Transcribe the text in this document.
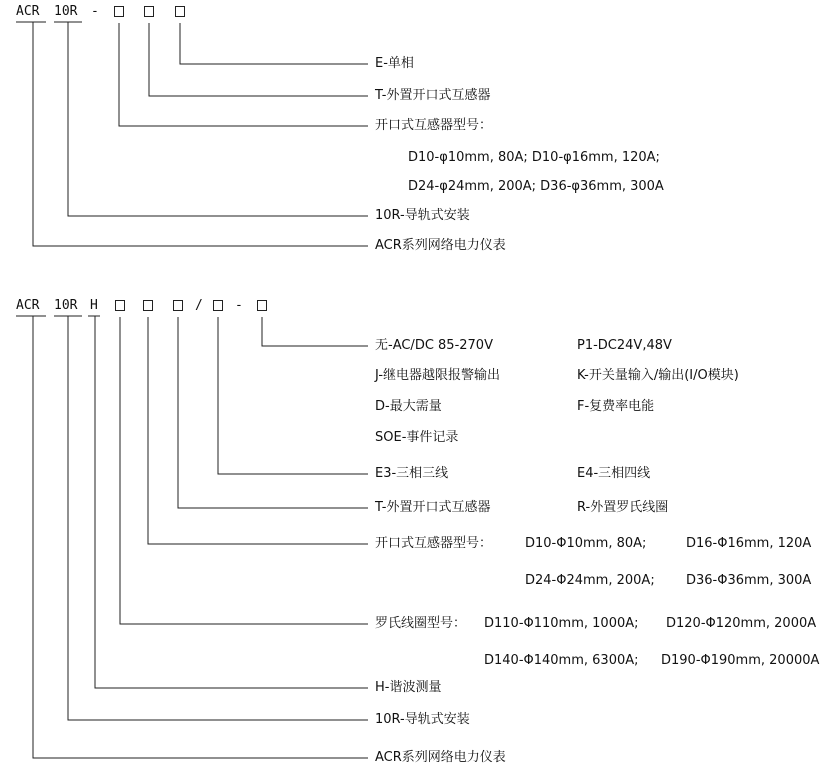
ACR 10R -
E-单相
T-外置开口式互感器
开口式互感器型号：
D10-φ10mm, 80A; D10-φ16mm, 120A;
D24-φ24mm, 200A; D36-φ36mm, 300A
10R-导轨式安装
ACR系列网络电力仪表
ACR 10R H	/ -
无-AC/DC 85-270V	P1-DC24V,48V
J-继电器越限报警输出	K-开关量输入/输出(I/O模块)
D-最大需量	F-复费率电能
SOE-事件记录
E3-三相三线	E4-三相四线
T-外置开口式互感器	R-外置罗氏线圈
开口式互感器型号：	D10-Φ10mm, 80A;	D16-Φ16mm, 120A
D24-Φ24mm, 200A; D36-Φ36mm, 300A
罗氏线圈型号： D110-Φ110mm, 1000A; D120-Φ120mm, 2000A
D140-Φ140mm, 6300A; D190-Φ190mm, 20000A
H-谐波测量
10R-导轨式安装
ACR系列网络电力仪表
